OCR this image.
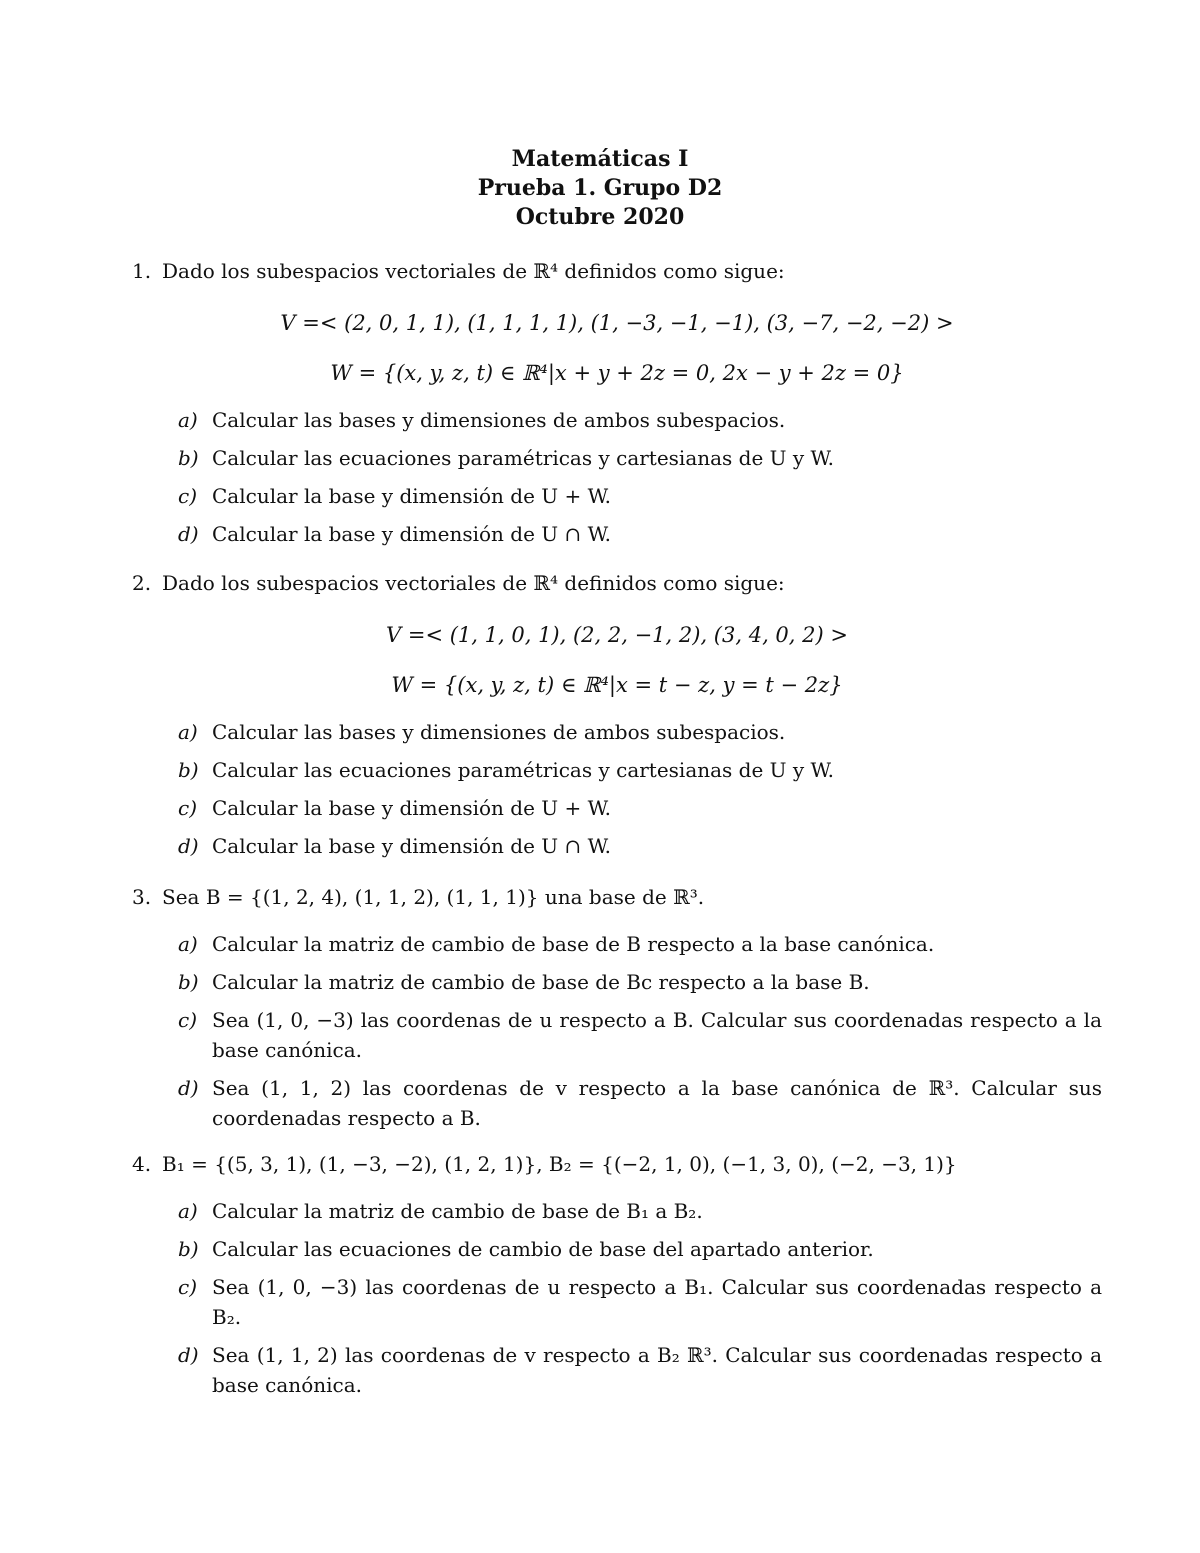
Matemáticas I
Prueba 1. Grupo D2
Octubre 2020
1. Dado los subespacios vectoriales de ℝ⁴ definidos como sigue:
V =< (2, 0, 1, 1), (1, 1, 1, 1), (1, −3, −1, −1), (3, −7, −2, −2) >
W = {(x, y, z, t) ∈ ℝ⁴|x + y + 2z = 0, 2x − y + 2z = 0}
a) Calcular las bases y dimensiones de ambos subespacios.
b) Calcular las ecuaciones paramétricas y cartesianas de U y W.
c) Calcular la base y dimensión de U + W.
d) Calcular la base y dimensión de U ∩ W.
2. Dado los subespacios vectoriales de ℝ⁴ definidos como sigue:
V =< (1, 1, 0, 1), (2, 2, −1, 2), (3, 4, 0, 2) >
W = {(x, y, z, t) ∈ ℝ⁴|x = t − z, y = t − 2z}
a) Calcular las bases y dimensiones de ambos subespacios.
b) Calcular las ecuaciones paramétricas y cartesianas de U y W.
c) Calcular la base y dimensión de U + W.
d) Calcular la base y dimensión de U ∩ W.
3. Sea B = {(1, 2, 4), (1, 1, 2), (1, 1, 1)} una base de ℝ³.
a) Calcular la matriz de cambio de base de B respecto a la base canónica.
b) Calcular la matriz de cambio de base de Bc respecto a la base B.
c) Sea (1, 0, −3) las coordenas de u respecto a B. Calcular sus coordenadas respecto a la base canónica.
d) Sea (1, 1, 2) las coordenas de v respecto a la base canónica de ℝ³. Calcular sus coordenadas respecto a B.
4. B₁ = {(5, 3, 1), (1, −3, −2), (1, 2, 1)}, B₂ = {(−2, 1, 0), (−1, 3, 0), (−2, −3, 1)}
a) Calcular la matriz de cambio de base de B₁ a B₂.
b) Calcular las ecuaciones de cambio de base del apartado anterior.
c) Sea (1, 0, −3) las coordenas de u respecto a B₁. Calcular sus coordenadas respecto a B₂.
d) Sea (1, 1, 2) las coordenas de v respecto a B₂ ℝ³. Calcular sus coordenadas respecto a base canónica.
